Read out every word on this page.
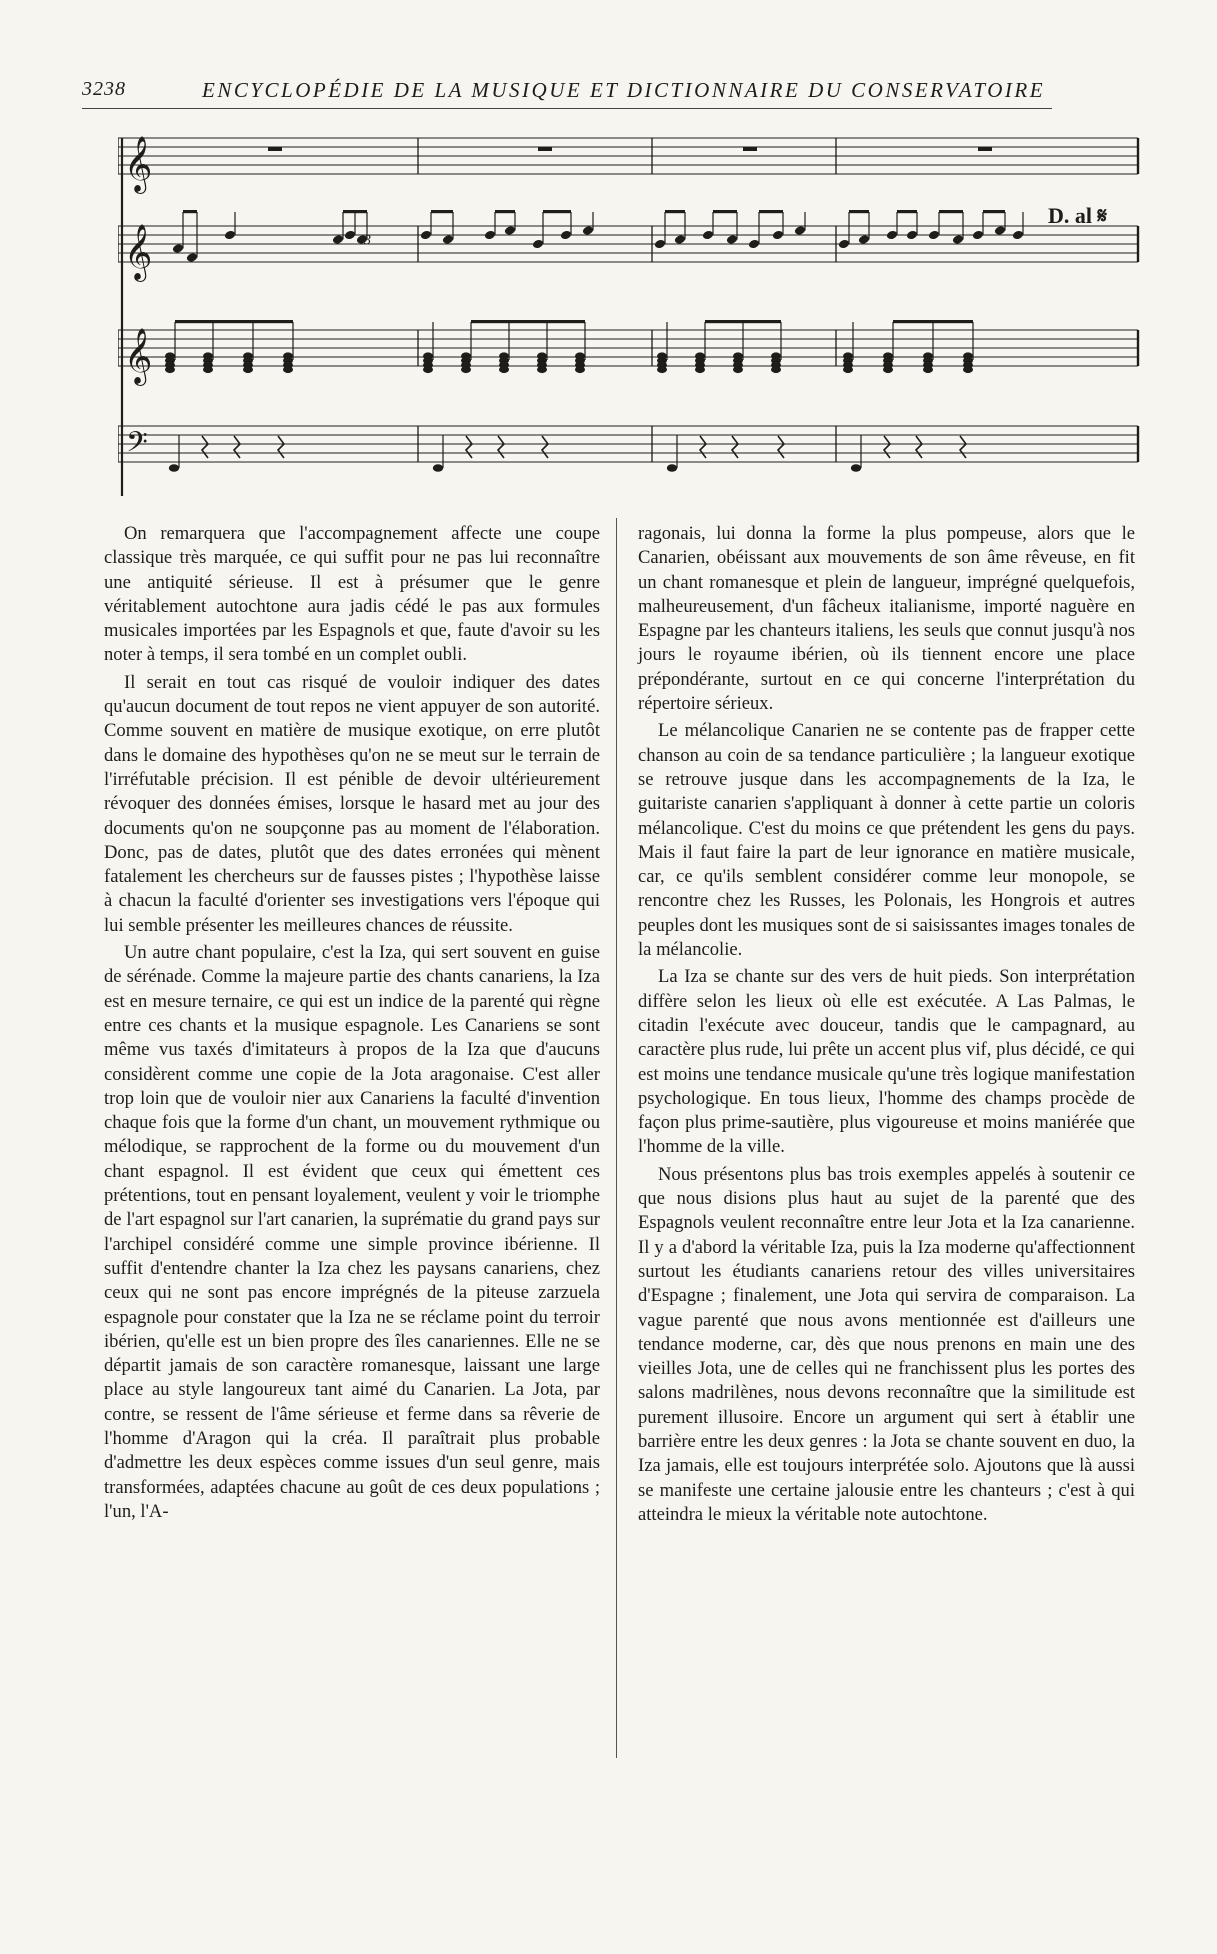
3238	ENCYCLOPÉDIE DE LA MUSIQUE ET DICTIONNAIRE DU CONSERVATOIRE
𝄞
𝄞
𝄞
𝄢
D. al 𝄋
3

On remarquera que l'accompagnement affecte une coupe classique très marquée, ce qui suffit pour ne pas lui reconnaître une antiquité sérieuse. Il est à présumer que le genre véritablement autochtone aura jadis cédé le pas aux formules musicales importées par les Espagnols et que, faute d'avoir su les noter à temps, il sera tombé en un complet oubli.

Il serait en tout cas risqué de vouloir indiquer des dates qu'aucun document de tout repos ne vient appuyer de son autorité. Comme souvent en matière de musique exotique, on erre plutôt dans le domaine des hypothèses qu'on ne se meut sur le terrain de l'irréfutable précision. Il est pénible de devoir ultérieurement révoquer des données émises, lorsque le hasard met au jour des documents qu'on ne soupçonne pas au moment de l'élaboration. Donc, pas de dates, plutôt que des dates erronées qui mènent fatalement les chercheurs sur de fausses pistes ; l'hypothèse laisse à chacun la faculté d'orienter ses investigations vers l'époque qui lui semble présenter les meilleures chances de réussite.

Un autre chant populaire, c'est la Iza, qui sert souvent en guise de sérénade. Comme la majeure partie des chants canariens, la Iza est en mesure ternaire, ce qui est un indice de la parenté qui règne entre ces chants et la musique espagnole. Les Canariens se sont même vus taxés d'imitateurs à propos de la Iza que d'aucuns considèrent comme une copie de la Jota aragonaise. C'est aller trop loin que de vouloir nier aux Canariens la faculté d'invention chaque fois que la forme d'un chant, un mouvement rythmique ou mélodique, se rapprochent de la forme ou du mouvement d'un chant espagnol. Il est évident que ceux qui émettent ces prétentions, tout en pensant loyalement, veulent y voir le triomphe de l'art espagnol sur l'art canarien, la suprématie du grand pays sur l'archipel considéré comme une simple province ibérienne. Il suffit d'entendre chanter la Iza chez les paysans canariens, chez ceux qui ne sont pas encore imprégnés de la piteuse zarzuela espagnole pour constater que la Iza ne se réclame point du terroir ibérien, qu'elle est un bien propre des îles canariennes. Elle ne se départit jamais de son caractère romanesque, laissant une large place au style langoureux tant aimé du Canarien. La Jota, par contre, se ressent de l'âme sérieuse et ferme dans sa rêverie de l'homme d'Aragon qui la créa. Il paraîtrait plus probable d'admettre les deux espèces comme issues d'un seul genre, mais transformées, adaptées chacune au goût de ces deux populations ; l'un, l'A-

ragonais, lui donna la forme la plus pompeuse, alors que le Canarien, obéissant aux mouvements de son âme rêveuse, en fit un chant romanesque et plein de langueur, imprégné quelquefois, malheureusement, d'un fâcheux italianisme, importé naguère en Espagne par les chanteurs italiens, les seuls que connut jusqu'à nos jours le royaume ibérien, où ils tiennent encore une place prépondérante, surtout en ce qui concerne l'interprétation du répertoire sérieux.

Le mélancolique Canarien ne se contente pas de frapper cette chanson au coin de sa tendance particulière ; la langueur exotique se retrouve jusque dans les accompagnements de la Iza, le guitariste canarien s'appliquant à donner à cette partie un coloris mélancolique. C'est du moins ce que prétendent les gens du pays. Mais il faut faire la part de leur ignorance en matière musicale, car, ce qu'ils semblent considérer comme leur monopole, se rencontre chez les Russes, les Polonais, les Hongrois et autres peuples dont les musiques sont de si saisissantes images tonales de la mélancolie.

La Iza se chante sur des vers de huit pieds. Son interprétation diffère selon les lieux où elle est exécutée. A Las Palmas, le citadin l'exécute avec douceur, tandis que le campagnard, au caractère plus rude, lui prête un accent plus vif, plus décidé, ce qui est moins une tendance musicale qu'une très logique manifestation psychologique. En tous lieux, l'homme des champs procède de façon plus prime-sautière, plus vigoureuse et moins maniérée que l'homme de la ville.

Nous présentons plus bas trois exemples appelés à soutenir ce que nous disions plus haut au sujet de la parenté que des Espagnols veulent reconnaître entre leur Jota et la Iza canarienne. Il y a d'abord la véritable Iza, puis la Iza moderne qu'affectionnent surtout les étudiants canariens retour des villes universitaires d'Espagne ; finalement, une Jota qui servira de comparaison. La vague parenté que nous avons mentionnée est d'ailleurs une tendance moderne, car, dès que nous prenons en main une des vieilles Jota, une de celles qui ne franchissent plus les portes des salons madrilènes, nous devons reconnaître que la similitude est purement illusoire. Encore un argument qui sert à établir une barrière entre les deux genres : la Jota se chante souvent en duo, la Iza jamais, elle est toujours interprétée solo. Ajoutons que là aussi se manifeste une certaine jalousie entre les chanteurs ; c'est à qui atteindra le mieux la véritable note autochtone.
